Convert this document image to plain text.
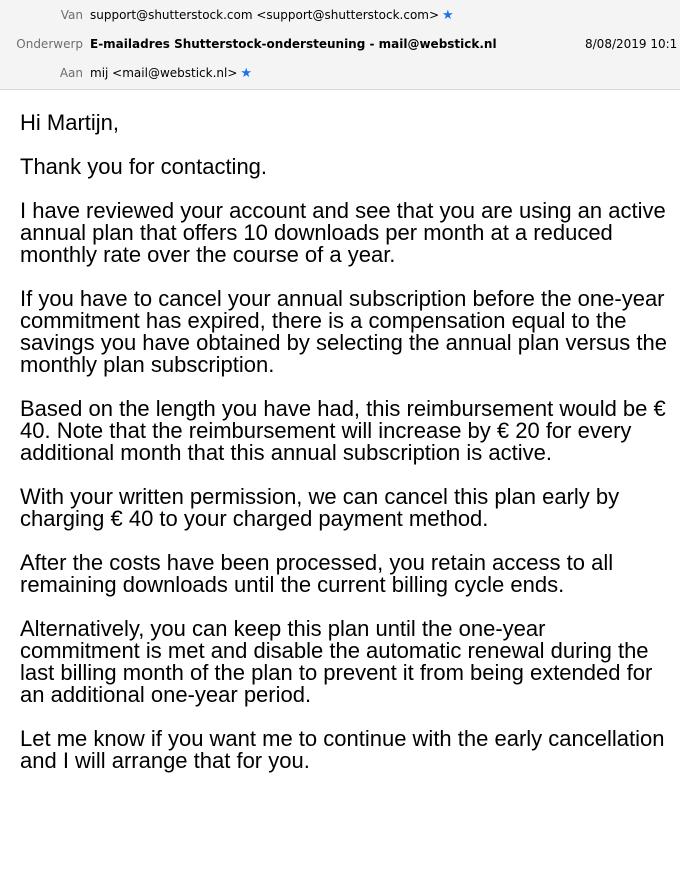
Van support@shutterstock.com <support@shutterstock.com> ★
Onderwerp E-mailadres Shutterstock-ondersteuning - mail@webstick.nl	8/08/2019 10:1
Aan mij <mail@webstick.nl> ★

Hi Martijn,

Thank you for contacting.

I have reviewed your account and see that you are using an active annual plan that offers 10 downloads per month at a reduced monthly rate over the course of a year.

If you have to cancel your annual subscription before the one-year commitment has expired, there is a compensation equal to the savings you have obtained by selecting the annual plan versus the monthly plan subscription.

Based on the length you have had, this reimbursement would be € 40. Note that the reimbursement will increase by € 20 for every additional month that this annual subscription is active.

With your written permission, we can cancel this plan early by charging € 40 to your charged payment method.

After the costs have been processed, you retain access to all remaining downloads until the current billing cycle ends.

Alternatively, you can keep this plan until the one-year commitment is met and disable the automatic renewal during the last billing month of the plan to prevent it from being extended for an additional one-year period.

Let me know if you want me to continue with the early cancellation and I will arrange that for you.
